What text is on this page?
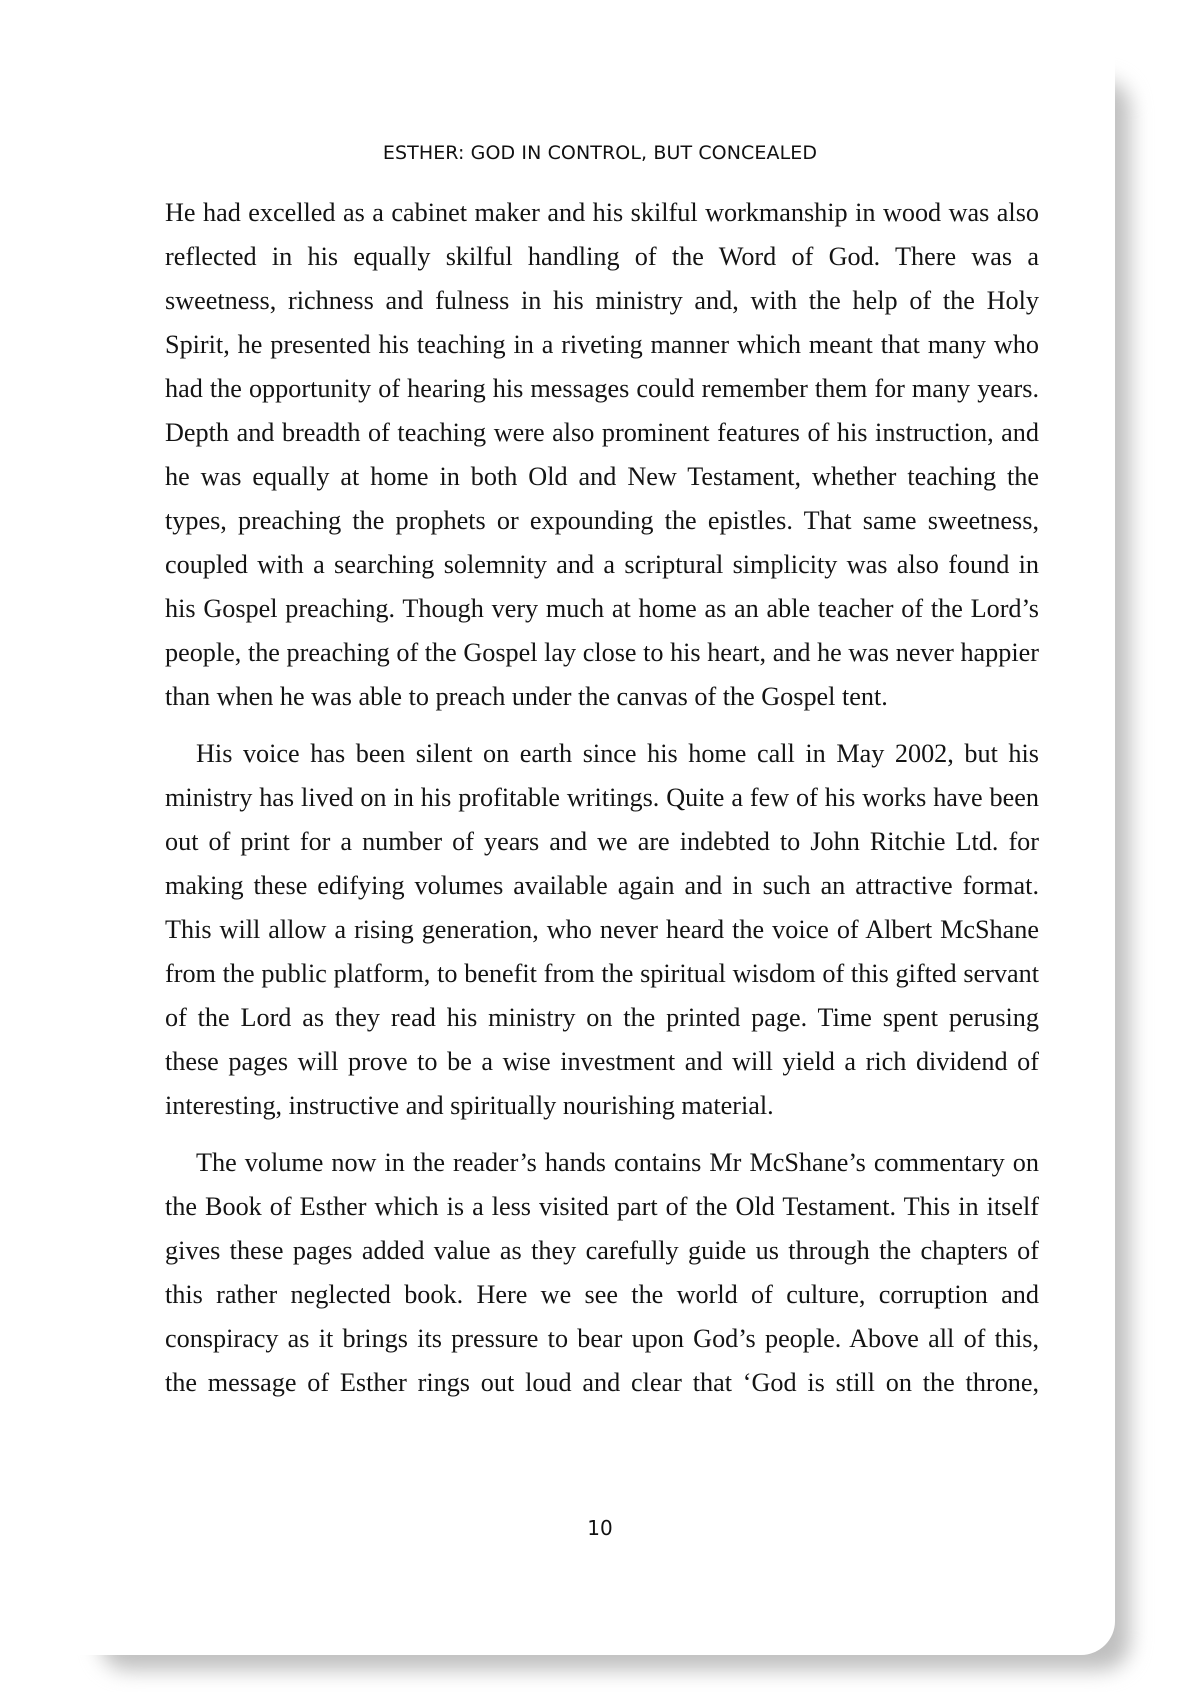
ESTHER: GOD IN CONTROL, BUT CONCEALED

He had excelled as a cabinet maker and his skilful workmanship in wood was also reflected in his equally skilful handling of the Word of God. There was a sweetness, richness and fulness in his ministry and, with the help of the Holy Spirit, he presented his teaching in a riveting manner which meant that many who had the opportunity of hearing his messages could remember them for many years. Depth and breadth of teaching were also prominent features of his instruction, and he was equally at home in both Old and New Testament, whether teaching the types, preaching the prophets or expounding the epistles. That same sweetness, coupled with a searching solemnity and a scriptural simplicity was also found in his Gospel preaching. Though very much at home as an able teacher of the Lord’s people, the preaching of the Gospel lay close to his heart, and he was never happier than when he was able to preach under the canvas of the Gospel tent.

His voice has been silent on earth since his home call in May 2002, but his ministry has lived on in his profitable writings. Quite a few of his works have been out of print for a number of years and we are indebted to John Ritchie Ltd. for making these edifying volumes available again and in such an attractive format. This will allow a rising generation, who never heard the voice of Albert McShane from the public platform, to benefit from the spiritual wisdom of this gifted servant of the Lord as they read his ministry on the printed page. Time spent perusing these pages will prove to be a wise investment and will yield a rich dividend of interesting, instructive and spiritually nourishing material.

The volume now in the reader’s hands contains Mr McShane’s commentary on the Book of Esther which is a less visited part of the Old Testament. This in itself gives these pages added value as they carefully guide us through the chapters of this rather neglected book. Here we see the world of culture, corruption and conspiracy as it brings its pressure to bear upon God’s people. Above all of this, the message of Esther rings out loud and clear that ‘God is still on the throne,

10
